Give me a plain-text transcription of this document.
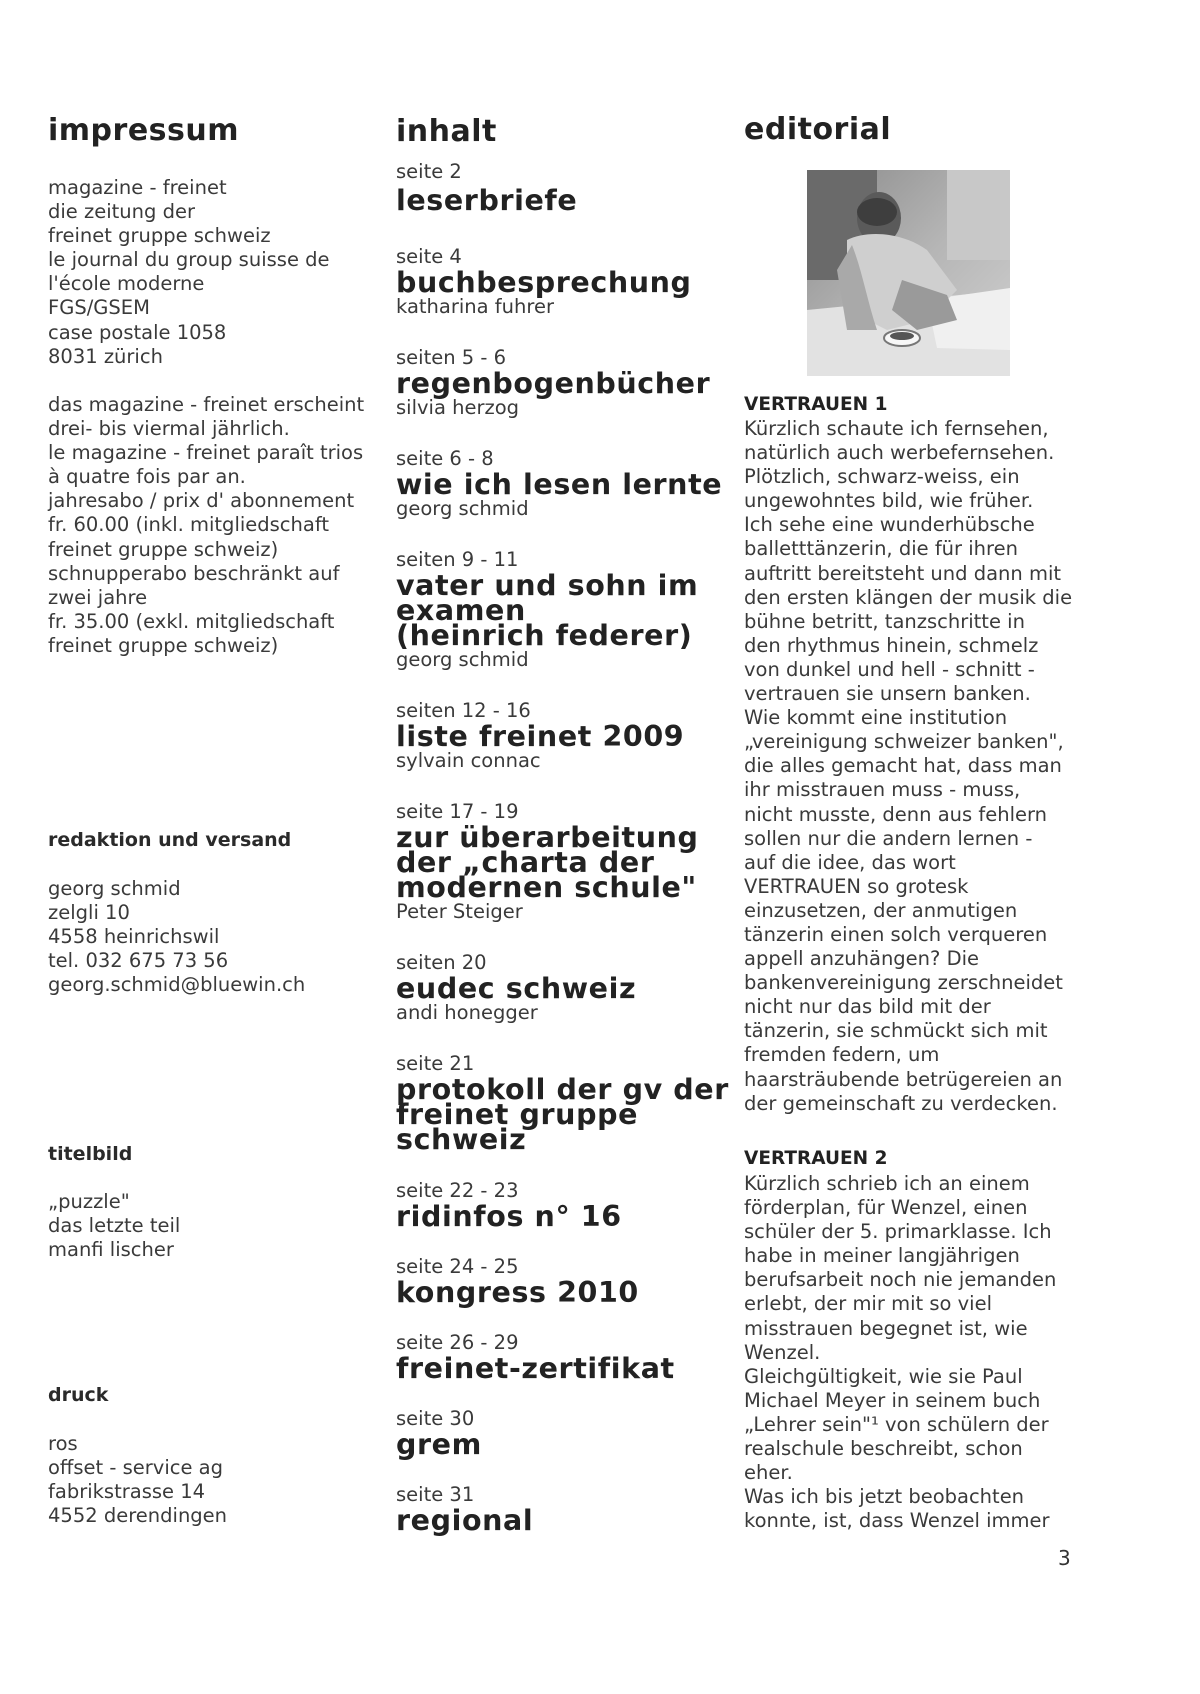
impressum
magazine - freinet
die zeitung der
freinet gruppe schweiz
le journal du group suisse de
l'école moderne
FGS/GSEM
case postale 1058
8031 zürich
das magazine - freinet erscheint
drei- bis viermal jährlich.
le magazine - freinet paraît trios
à quatre fois par an.
jahresabo / prix d' abonnement
fr. 60.00 (inkl. mitgliedschaft
freinet gruppe schweiz)
schnupperabo beschränkt auf
zwei jahre
fr. 35.00 (exkl. mitgliedschaft
freinet gruppe schweiz)
redaktion und versand
georg schmid
zelgli 10
4558 heinrichswil
tel. 032 675 73 56
georg.schmid@bluewin.ch
titelbild
„puzzle"
das letzte teil
manfi lischer
druck
ros
offset - service ag
fabrikstrasse 14
4552 derendingen
inhalt
seite 2
leserbriefe
seite 4
buchbesprechung
katharina fuhrer
seiten 5 - 6
regenbogenbücher
silvia herzog
seite 6 - 8
wie ich lesen lernte
georg schmid
seiten 9 - 11
vater und sohn im
examen
(heinrich federer)
georg schmid
seiten 12 - 16
liste freinet 2009
sylvain connac
seite 17 - 19
zur überarbeitung
der „charta der
modernen schule"
Peter Steiger
seiten 20
eudec schweiz
andi honegger
seite 21
protokoll der gv der
freinet gruppe
schweiz
seite 22 - 23
ridinfos n° 16
seite 24 - 25
kongress 2010
seite 26 - 29
freinet-zertifikat
seite 30
grem
seite 31
regional
editorial
VERTRAUEN 1
Kürzlich schaute ich fernsehen,
natürlich auch werbefernsehen.
Plötzlich, schwarz-weiss, ein
ungewohntes bild, wie früher.
Ich sehe eine wunderhübsche
balletttänzerin, die für ihren
auftritt bereitsteht und dann mit
den ersten klängen der musik die
bühne betritt, tanzschritte in
den rhythmus hinein, schmelz
von dunkel und hell - schnitt -
vertrauen sie unsern banken.
Wie kommt eine institution
„vereinigung schweizer banken",
die alles gemacht hat, dass man
ihr misstrauen muss - muss,
nicht musste, denn aus fehlern
sollen nur die andern lernen -
auf die idee, das wort
VERTRAUEN so grotesk
einzusetzen, der anmutigen
tänzerin einen solch verqueren
appell anzuhängen? Die
bankenvereinigung zerschneidet
nicht nur das bild mit der
tänzerin, sie schmückt sich mit
fremden federn, um
haarsträubende betrügereien an
der gemeinschaft zu verdecken.
VERTRAUEN 2
Kürzlich schrieb ich an einem
förderplan, für Wenzel, einen
schüler der 5. primarklasse. Ich
habe in meiner langjährigen
berufsarbeit noch nie jemanden
erlebt, der mir mit so viel
misstrauen begegnet ist, wie
Wenzel.
Gleichgültigkeit, wie sie Paul
Michael Meyer in seinem buch
„Lehrer sein"¹ von schülern der
realschule beschreibt, schon
eher.
Was ich bis jetzt beobachten
konnte, ist, dass Wenzel immer
3
